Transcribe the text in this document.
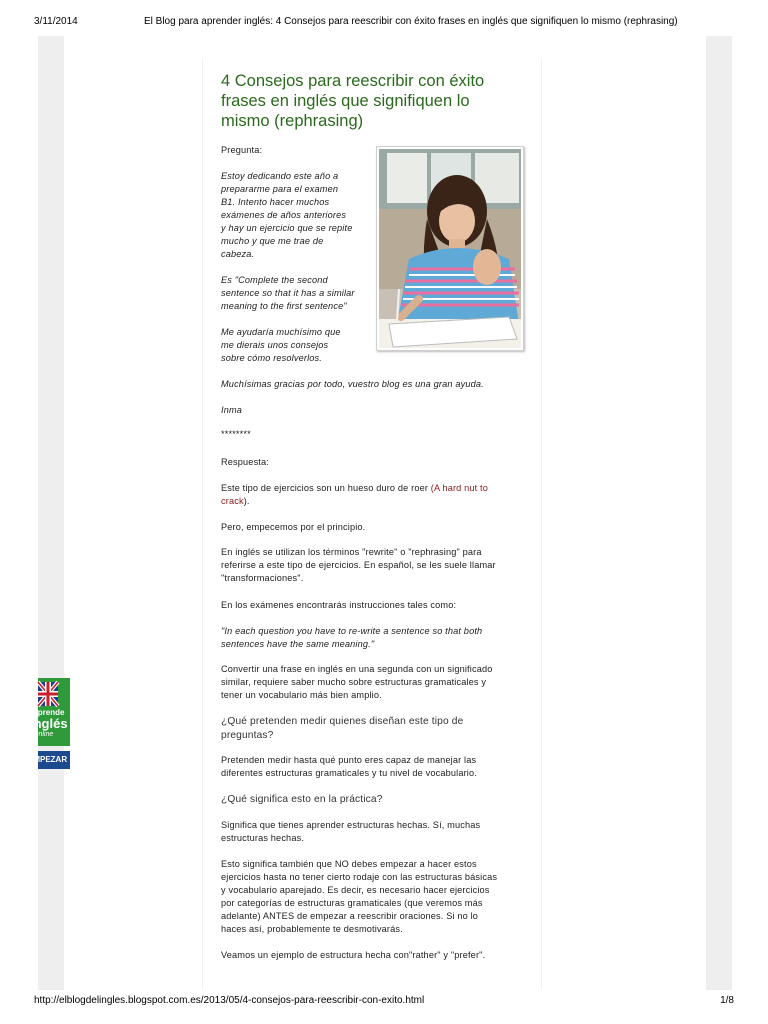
3/11/2014	El Blog para aprender inglés: 4 Consejos para reescribir con éxito frases en inglés que signifiquen lo mismo (rephrasing)
4 Consejos para reescribir con éxito
frases en inglés que signifiquen lo
mismo (rephrasing)

Pregunta:

Estoy dedicando este año a
prepararme para el examen
B1. Intento hacer muchos
exámenes de años anteriores
y hay un ejercicio que se repite
mucho y que me trae de
cabeza.

Es "Complete the second
sentence so that it has a similar
meaning to the first sentence"

Me ayudaría muchísimo que
me dierais unos consejos
sobre cómo resolverlos.

Muchísimas gracias por todo, vuestro blog es una gran ayuda.

Inma

********

Respuesta:

Este tipo de ejercicios son un hueso duro de roer (A hard nut to
crack).

Pero, empecemos por el principio.

En inglés se utilizan los términos "rewrite" o "rephrasing" para
referirse a este tipo de ejercicios. En español, se les suele llamar
"transformaciones".

En los exámenes encontrarás instrucciones tales como:

"In each question you have to re-write a sentence so that both
sentences have the same meaning."

Convertir una frase en inglés en una segunda con un significado
similar, requiere saber mucho sobre estructuras gramaticales y
tener un vocabulario más bien amplio.

¿Qué pretenden medir quienes diseñan este tipo de
preguntas?

Pretenden medir hasta qué punto eres capaz de manejar las
diferentes estructuras gramaticales y tu nivel de vocabulario.

¿Qué significa esto en la práctica?

Significa que tienes aprender estructuras hechas. Sí, muchas
estructuras hechas.

Esto significa también que NO debes empezar a hacer estos
ejercicios hasta no tener cierto rodaje con las estructuras básicas
y vocabulario aparejado. Es decir, es necesario hacer ejercicios
por categorías de estructuras gramaticales (que veremos más
adelante) ANTES de empezar a reescribir oraciones. Si no lo
haces así, probablemente te desmotivarás.

Veamos un ejemplo de estructura hecha con"rather" y "prefer".

Aprende
Inglés
Online
EMPEZAR
http://elblogdelingles.blogspot.com.es/2013/05/4-consejos-para-reescribir-con-exito.html	1/8
